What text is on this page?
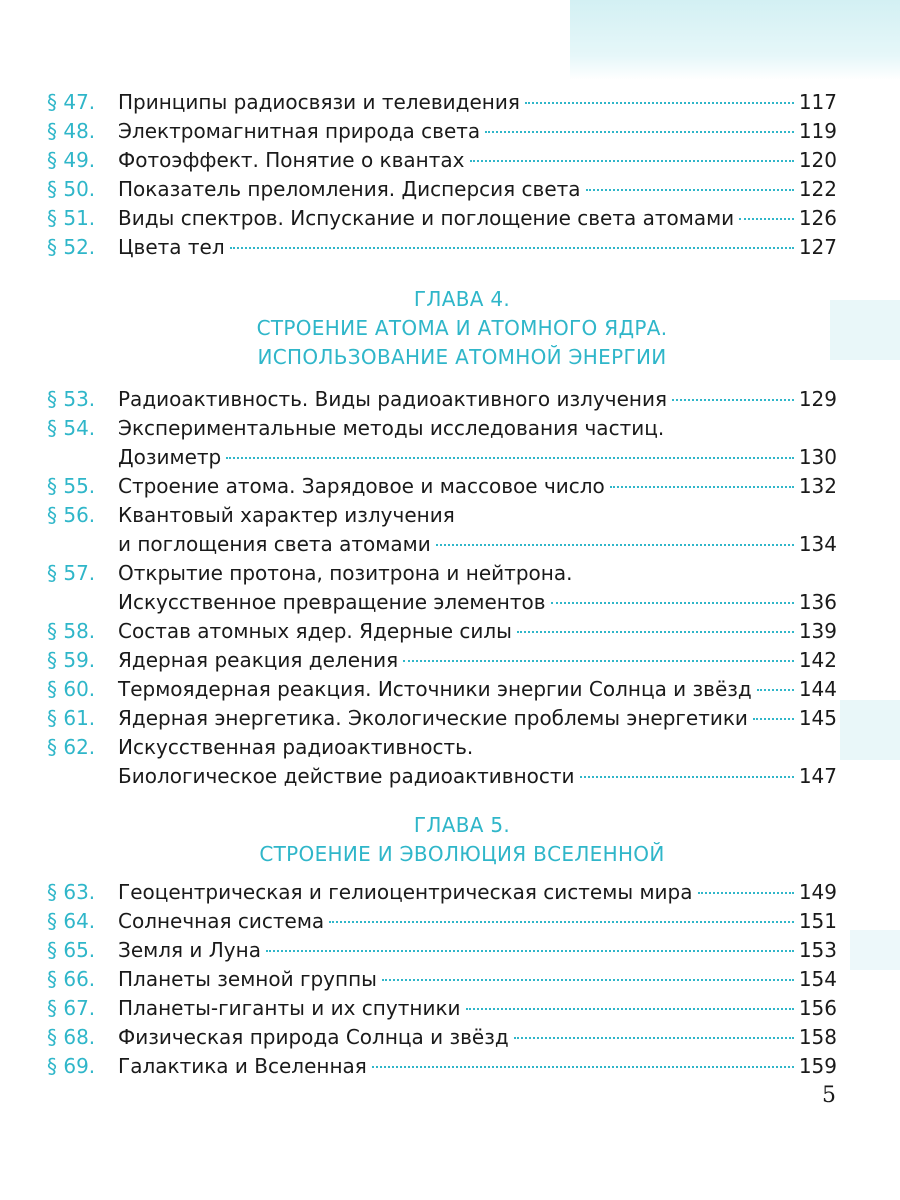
§ 47.	Принципы радиосвязи и телевидения	117
§ 48.	Электромагнитная природа света	119
§ 49.	Фотоэффект. Понятие о квантах	120
§ 50.	Показатель преломления. Дисперсия света	122
§ 51.	Виды спектров. Испускание и поглощение света атомами	126
§ 52.	Цвета тел	127
ГЛАВА 4.
СТРОЕНИЕ АТОМА И АТОМНОГО ЯДРА.
ИСПОЛЬЗОВАНИЕ АТОМНОЙ ЭНЕРГИИ
§ 53.	Радиоактивность. Виды радиоактивного излучения	129
§ 54.	Экспериментальные методы исследования частиц.
Дозиметр	130
§ 55.	Строение атома. Зарядовое и массовое число	132
§ 56.	Квантовый характер излучения
и поглощения света атомами	134
§ 57.	Открытие протона, позитрона и нейтрона.
Искусственное превращение элементов	136
§ 58.	Состав атомных ядер. Ядерные силы	139
§ 59.	Ядерная реакция деления	142
§ 60.	Термоядерная реакция. Источники энергии Солнца и звёзд 144
§ 61.	Ядерная энергетика. Экологические проблемы энергетики	145
§ 62.	Искусственная радиоактивность.
Биологическое действие радиоактивности	147
ГЛАВА 5.
СТРОЕНИЕ И ЭВОЛЮЦИЯ ВСЕЛЕННОЙ
§ 63.	Геоцентрическая и гелиоцентрическая системы мира	149
§ 64.	Солнечная система	151
§ 65.	Земля и Луна	153
§ 66.	Планеты земной группы	154
§ 67.	Планеты-гиганты и их спутники	156
§ 68.	Физическая природа Солнца и звёзд	158
§ 69.	Галактика и Вселенная	159
5
